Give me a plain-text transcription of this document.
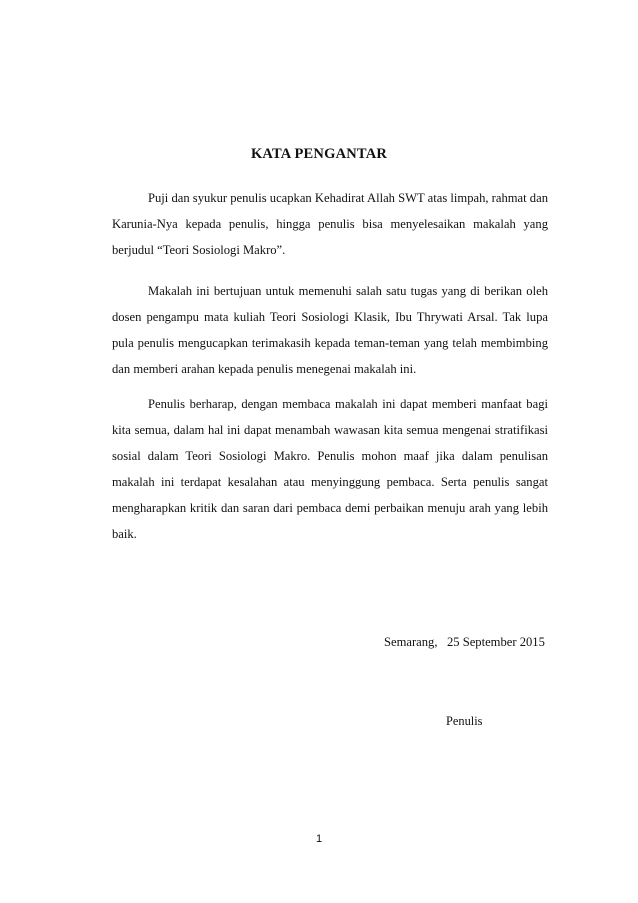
KATA PENGANTAR

Puji dan syukur penulis ucapkan Kehadirat Allah SWT atas limpah, rahmat dan Karunia-Nya kepada penulis, hingga penulis bisa menyelesaikan makalah yang berjudul “Teori Sosiologi Makro”.

Makalah ini bertujuan untuk memenuhi salah satu tugas yang di berikan oleh dosen pengampu mata kuliah Teori Sosiologi Klasik, Ibu Thrywati Arsal. Tak lupa pula penulis mengucapkan terimakasih kepada teman-teman yang telah membimbing dan memberi arahan kepada penulis menegenai makalah ini.

Penulis berharap, dengan membaca makalah ini dapat memberi manfaat bagi kita semua, dalam hal ini dapat menambah wawasan kita semua mengenai stratifikasi sosial dalam Teori Sosiologi Makro. Penulis mohon maaf jika dalam penulisan makalah ini terdapat kesalahan atau menyinggung pembaca. Serta penulis sangat mengharapkan kritik dan saran dari pembaca demi perbaikan menuju arah yang lebih baik.

Semarang,   25 September 2015
Penulis
1
